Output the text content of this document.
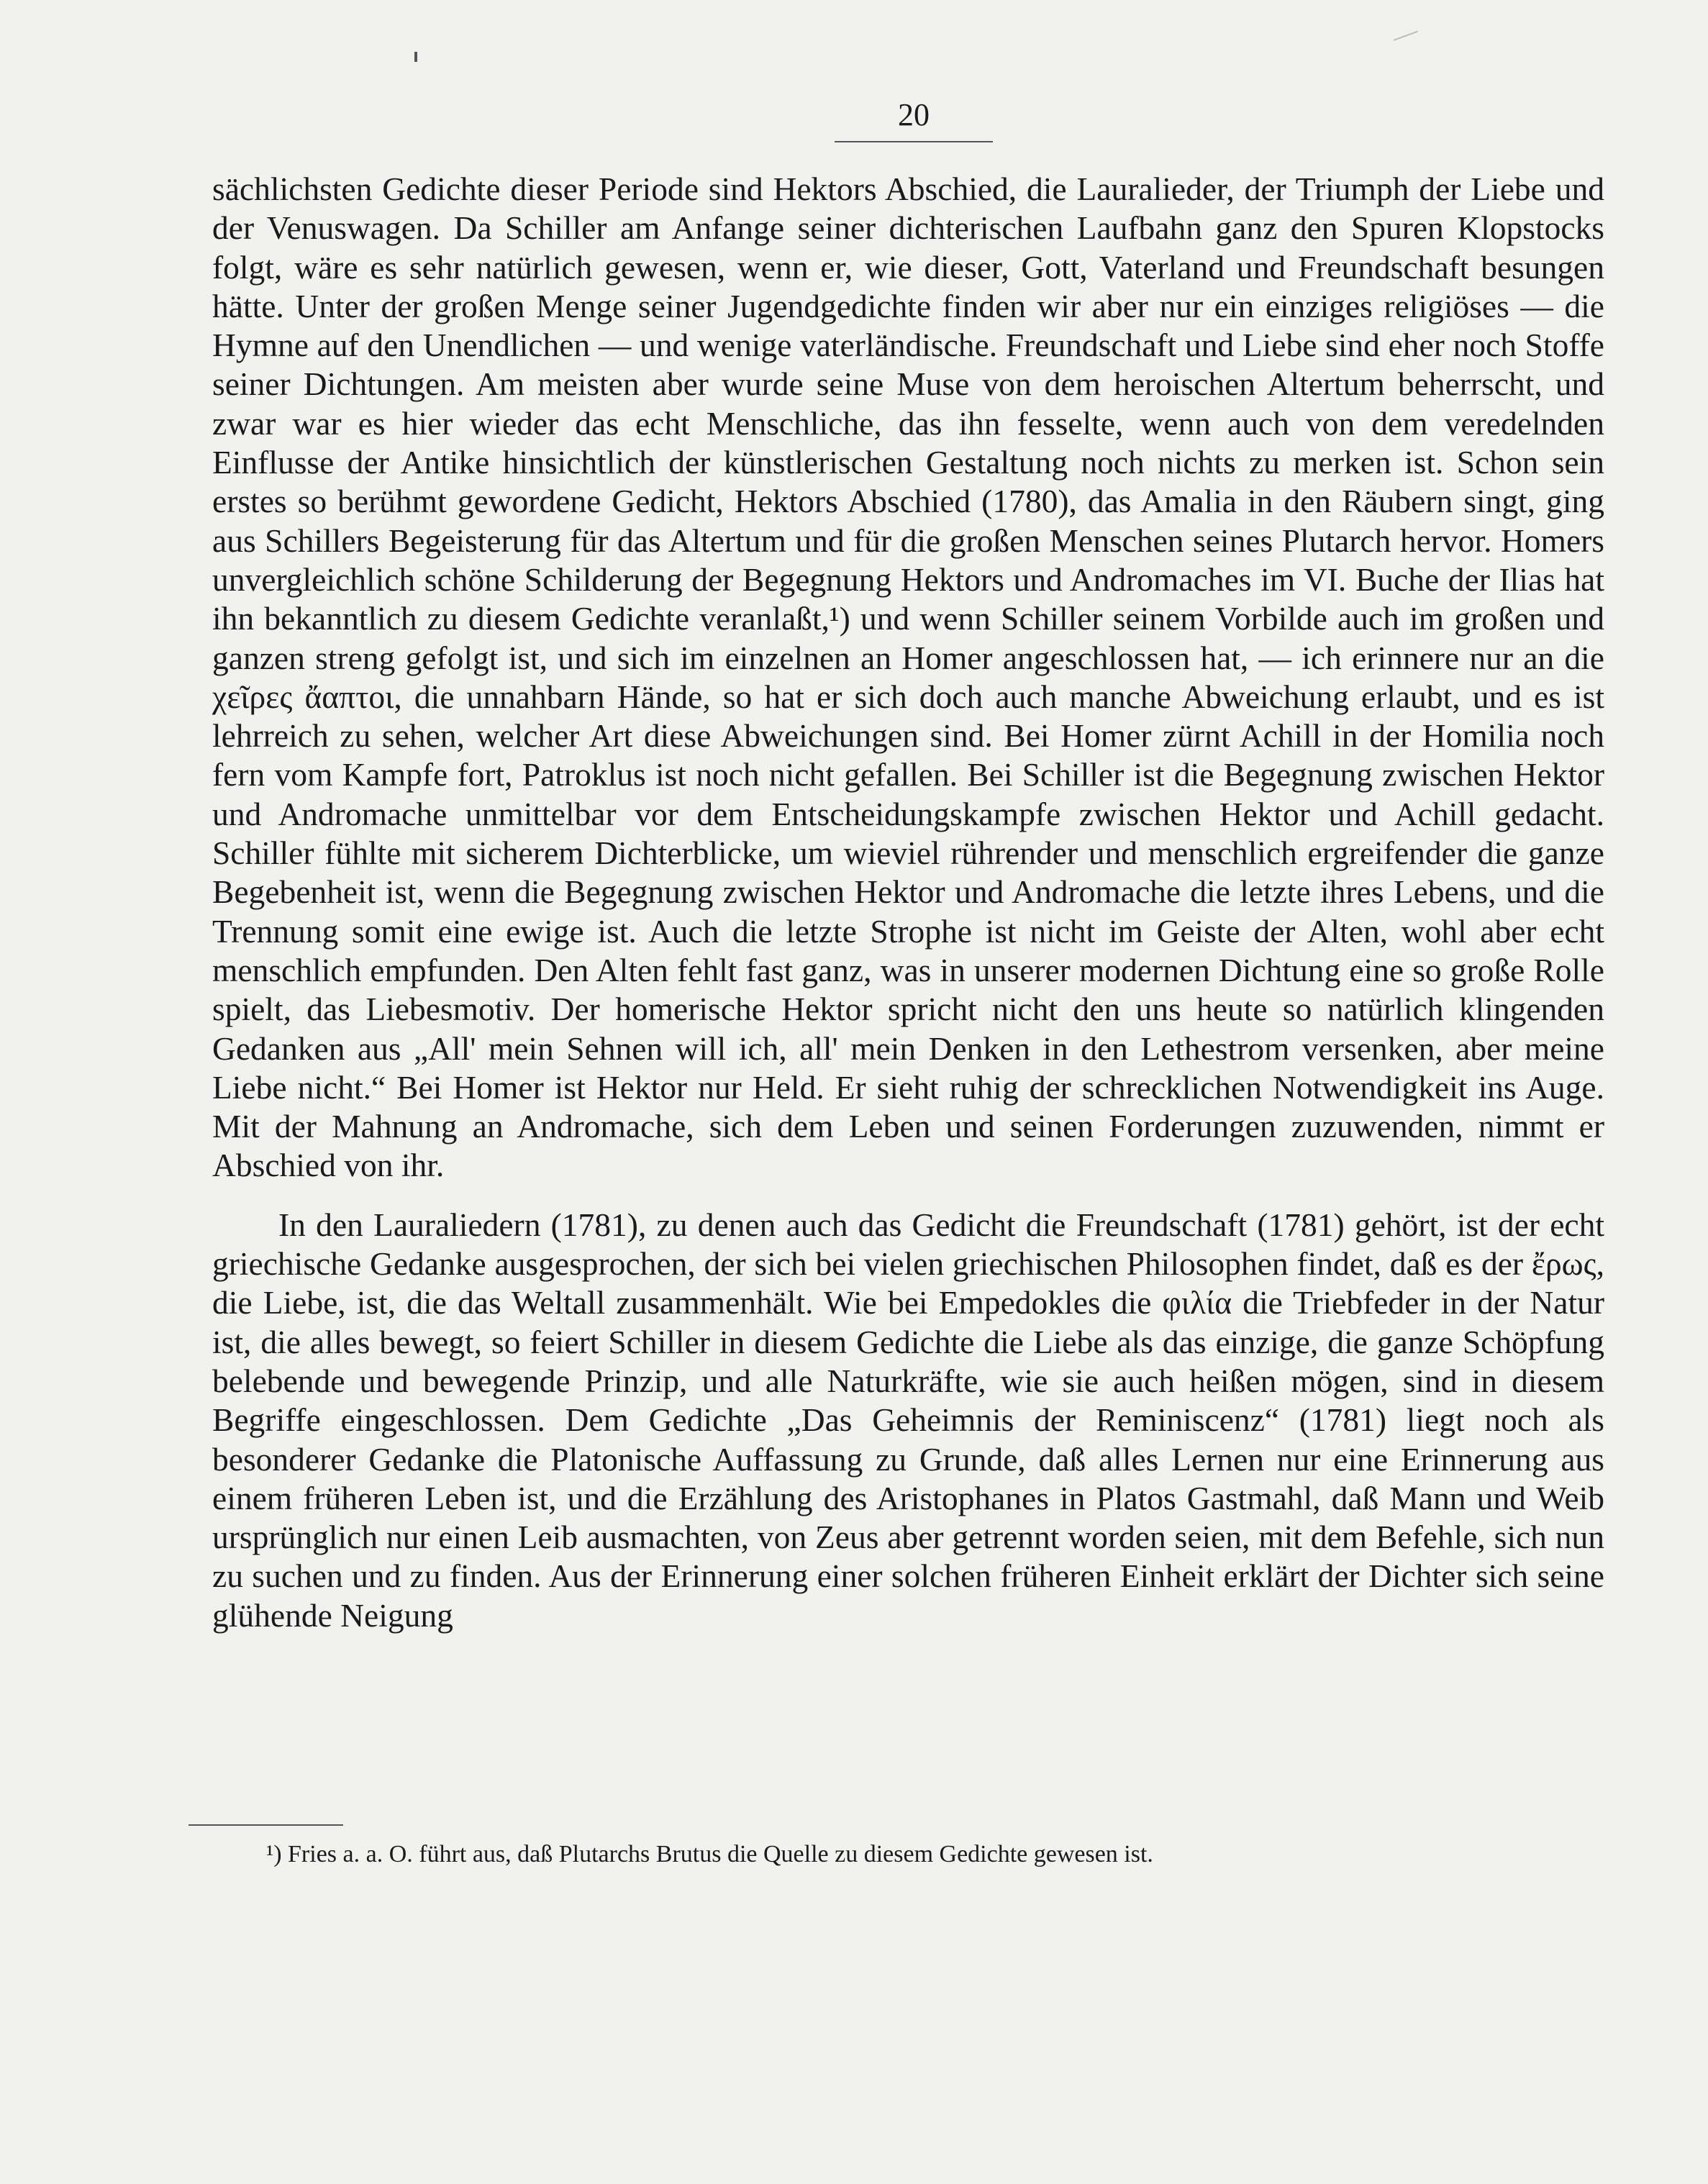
20

sächlichsten Gedichte dieser Periode sind Hektors Abschied, die Lauralieder, der Triumph der Liebe und der Venuswagen. Da Schiller am Anfange seiner dichterischen Laufbahn ganz den Spuren Klopstocks folgt, wäre es sehr natürlich gewesen, wenn er, wie dieser, Gott, Vaterland und Freundschaft besungen hätte. Unter der großen Menge seiner Jugendgedichte finden wir aber nur ein einziges religiöses — die Hymne auf den Unendlichen — und wenige vaterländische. Freundschaft und Liebe sind eher noch Stoffe seiner Dichtungen. Am meisten aber wurde seine Muse von dem heroischen Altertum beherrscht, und zwar war es hier wieder das echt Menschliche, das ihn fesselte, wenn auch von dem veredelnden Einflusse der Antike hinsichtlich der künstlerischen Gestaltung noch nichts zu merken ist. Schon sein erstes so berühmt gewordene Gedicht, Hektors Abschied (1780), das Amalia in den Räubern singt, ging aus Schillers Begeisterung für das Altertum und für die großen Menschen seines Plutarch hervor. Homers unvergleichlich schöne Schilderung der Begegnung Hektors und Andromaches im VI. Buche der Ilias hat ihn bekanntlich zu diesem Gedichte veranlaßt,¹) und wenn Schiller seinem Vorbilde auch im großen und ganzen streng gefolgt ist, und sich im einzelnen an Homer angeschlossen hat, — ich erinnere nur an die χεῖρες ἄαπτοι, die unnahbarn Hände, so hat er sich doch auch manche Abweichung erlaubt, und es ist lehrreich zu sehen, welcher Art diese Abweichungen sind. Bei Homer zürnt Achill in der Homilia noch fern vom Kampfe fort, Patroklus ist noch nicht gefallen. Bei Schiller ist die Begegnung zwischen Hektor und Andromache unmittelbar vor dem Entscheidungskampfe zwischen Hektor und Achill gedacht. Schiller fühlte mit sicherem Dichterblicke, um wieviel rührender und menschlich ergreifender die ganze Begebenheit ist, wenn die Begegnung zwischen Hektor und Andromache die letzte ihres Lebens, und die Trennung somit eine ewige ist. Auch die letzte Strophe ist nicht im Geiste der Alten, wohl aber echt menschlich empfunden. Den Alten fehlt fast ganz, was in unserer modernen Dichtung eine so große Rolle spielt, das Liebesmotiv. Der homerische Hektor spricht nicht den uns heute so natürlich klingenden Gedanken aus „All' mein Sehnen will ich, all' mein Denken in den Lethestrom versenken, aber meine Liebe nicht.“ Bei Homer ist Hektor nur Held. Er sieht ruhig der schrecklichen Notwendigkeit ins Auge. Mit der Mahnung an Andromache, sich dem Leben und seinen Forderungen zuzuwenden, nimmt er Abschied von ihr.

In den Lauraliedern (1781), zu denen auch das Gedicht die Freundschaft (1781) gehört, ist der echt griechische Gedanke ausgesprochen, der sich bei vielen griechischen Philosophen findet, daß es der ἔρως, die Liebe, ist, die das Weltall zusammenhält. Wie bei Empedokles die φιλία die Triebfeder in der Natur ist, die alles bewegt, so feiert Schiller in diesem Gedichte die Liebe als das einzige, die ganze Schöpfung belebende und bewegende Prinzip, und alle Naturkräfte, wie sie auch heißen mögen, sind in diesem Begriffe eingeschlossen. Dem Gedichte „Das Geheimnis der Reminiscenz“ (1781) liegt noch als besonderer Gedanke die Platonische Auffassung zu Grunde, daß alles Lernen nur eine Erinnerung aus einem früheren Leben ist, und die Erzählung des Aristophanes in Platos Gastmahl, daß Mann und Weib ursprünglich nur einen Leib ausmachten, von Zeus aber getrennt worden seien, mit dem Befehle, sich nun zu suchen und zu finden. Aus der Erinnerung einer solchen früheren Einheit erklärt der Dichter sich seine glühende Neigung

¹) Fries a. a. O. führt aus, daß Plutarchs Brutus die Quelle zu diesem Gedichte gewesen ist.
